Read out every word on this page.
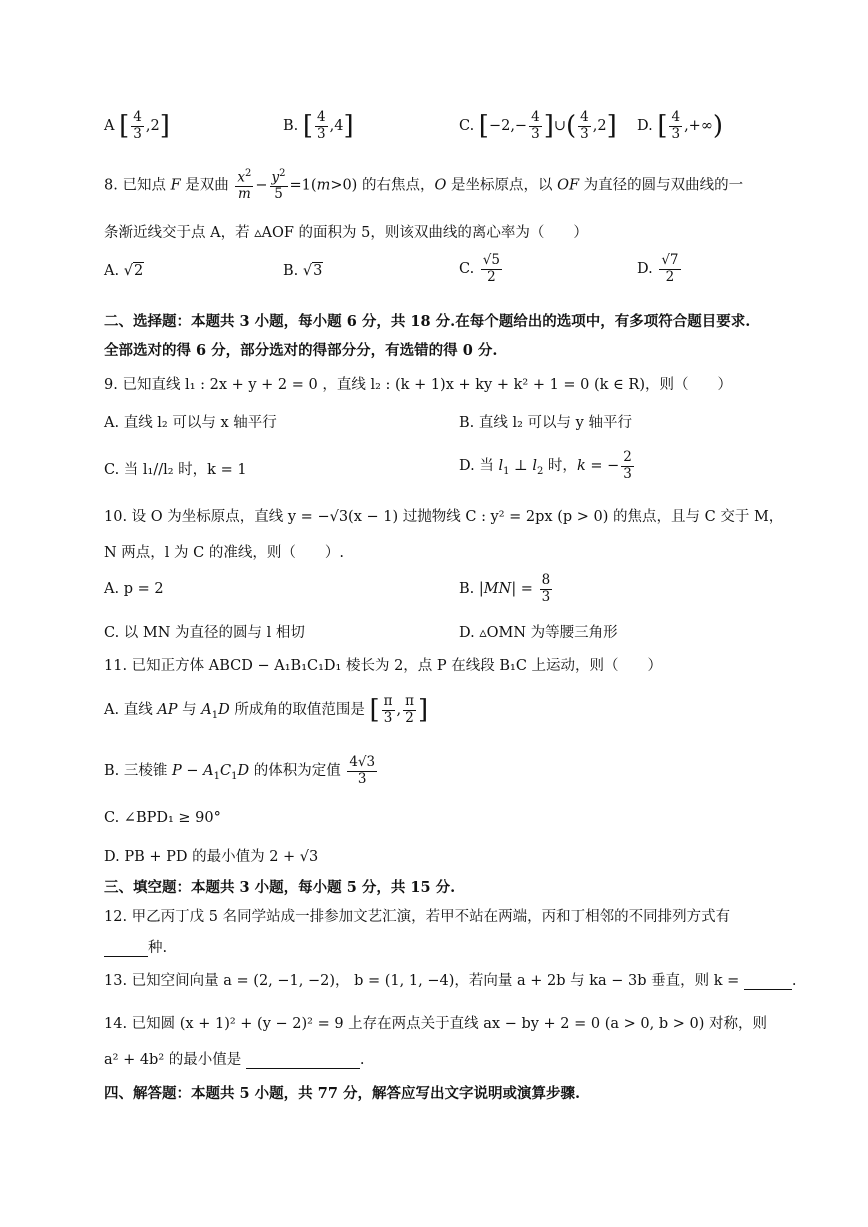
A [ $\frac{4}{3} ,2$]	B. [ $\frac{4}{3} ,4$]	C. [$-2,- \frac{4}{3}$ ]∪( $\frac{4}{3} ,2$] D. [ $\frac{4}{3}$ ,+∞)
8. 已知点 F 是双曲 $\frac{x^2}{m} - \frac{y^2}{5} =1(m>0)$ 的右焦点，O 是坐标原点，以 OF 为直径的圆与双曲线的一
条渐近线交于点 A，若 ▵AOF 的面积为 5，则该双曲线的离心率为（　　）
A. √2	B. √3	C. $\frac{√5}{2}$	D. $\frac{√7}{2}$
二、选择题：本题共 3 小题，每小题 6 分，共 18 分.在每个题给出的选项中，有多项符合题目要求.
全部选对的得 6 分，部分选对的得部分分，有选错的得 0 分.
9. 已知直线 l₁ : 2x + y + 2 = 0 ，直线 l₂ : (k + 1)x + ky + k² + 1 = 0 (k ∈ R)，则（　　）
A. 直线 l₂ 可以与 x 轴平行	B. 直线 l₂ 可以与 y 轴平行
C. 当 l₁//l₂ 时，k = 1	D. 当 $l_1$ ⊥ $l_2$ 时，k = − $\frac{2}{3}$
10. 设 O 为坐标原点，直线 y = −√3(x − 1) 过抛物线 C : y² = 2px (p > 0) 的焦点，且与 C 交于 M，
N 两点，l 为 C 的准线，则（　　）.
A. p = 2	B. $|MN| = \frac{8}{3}$
C. 以 MN 为直径的圆与 l 相切	D. ▵OMN 为等腰三角形
11. 已知正方体 ABCD − A₁B₁C₁D₁ 棱长为 2，点 P 在线段 B₁C 上运动，则（　　）
A. 直线 AP 与 $A_1D$ 所成角的取值范围是 [ $\frac{\pi}{3}$ , $\frac{\pi}{2}$ ]
B. 三棱锥 $P - A_1C_1D$ 的体积为定值 $\frac{4√3}{3}$
C. ∠BPD₁ ≥ 90°
D. PB + PD 的最小值为 2 + √3
三、填空题：本题共 3 小题，每小题 5 分，共 15 分.
12. 甲乙丙丁戊 5 名同学站成一排参加文艺汇演，若甲不站在两端，丙和丁相邻的不同排列方式有
种.
13. 已知空间向量 a = (2, −1, −2)， b = (1, 1, −4)，若向量 a + 2b 与 ka − 3b 垂直，则 k =	.
14. 已知圆 (x + 1)² + (y − 2)² = 9 上存在两点关于直线 ax − by + 2 = 0 (a > 0, b > 0) 对称，则
a² + 4b² 的最小值是	.
四、解答题：本题共 5 小题，共 77 分，解答应写出文字说明或演算步骤.
